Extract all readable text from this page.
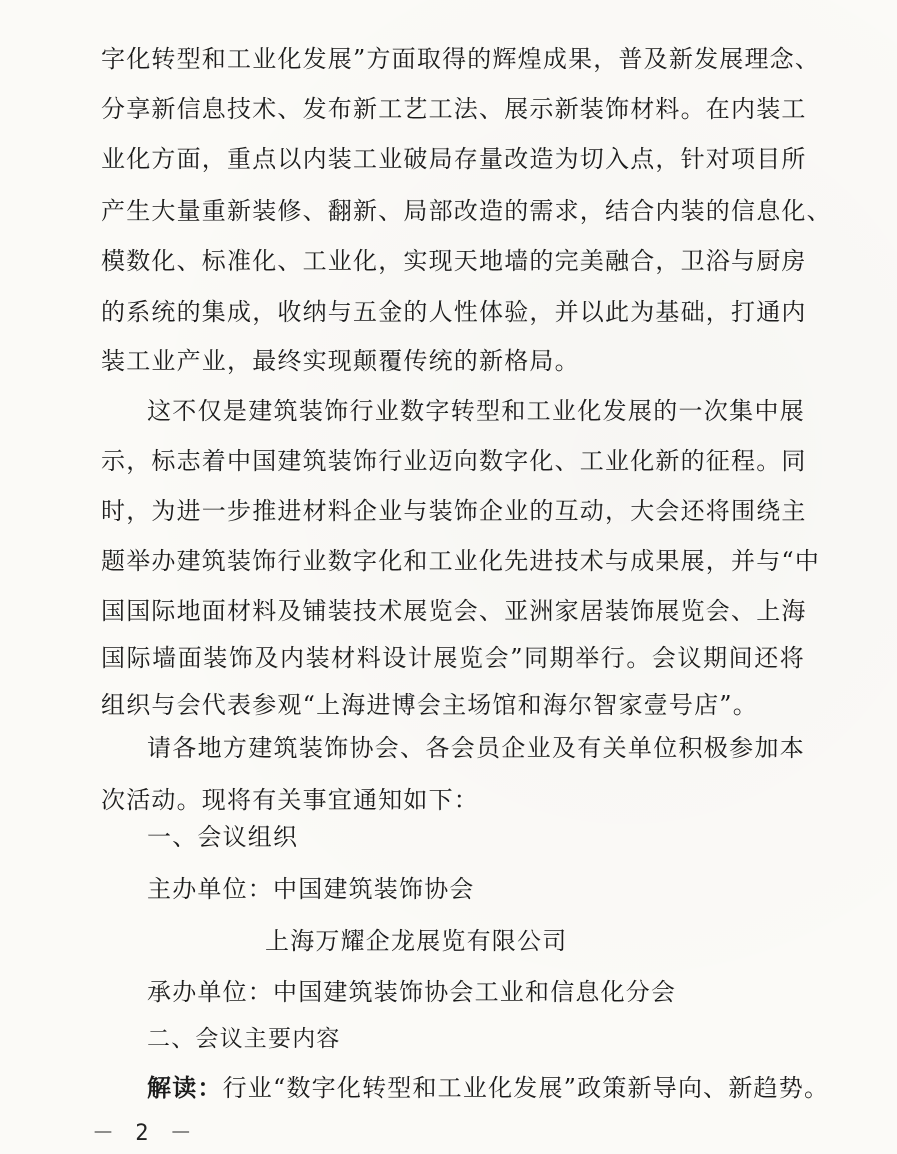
字化转型和工业化发展”方面取得的辉煌成果，普及新发展理念、
分享新信息技术、发布新工艺工法、展示新装饰材料。在内装工
业化方面，重点以内装工业破局存量改造为切入点，针对项目所
产生大量重新装修、翻新、局部改造的需求，结合内装的信息化、
模数化、标准化、工业化，实现天地墙的完美融合，卫浴与厨房
的系统的集成，收纳与五金的人性体验，并以此为基础，打通内
装工业产业，最终实现颠覆传统的新格局。
这不仅是建筑装饰行业数字转型和工业化发展的一次集中展
示，标志着中国建筑装饰行业迈向数字化、工业化新的征程。同
时，为进一步推进材料企业与装饰企业的互动，大会还将围绕主
题举办建筑装饰行业数字化和工业化先进技术与成果展，并与“中
国国际地面材料及铺装技术展览会、亚洲家居装饰展览会、上海
国际墙面装饰及内装材料设计展览会”同期举行。会议期间还将
组织与会代表参观“上海进博会主场馆和海尔智家壹号店”。
请各地方建筑装饰协会、各会员企业及有关单位积极参加本
次活动。现将有关事宜通知如下：
一、会议组织
主办单位：中国建筑装饰协会
上海万耀企龙展览有限公司
承办单位：中国建筑装饰协会工业和信息化分会
二、会议主要内容
－ 2 －
解读：行业“数字化转型和工业化发展”政策新导向、新趋势。
